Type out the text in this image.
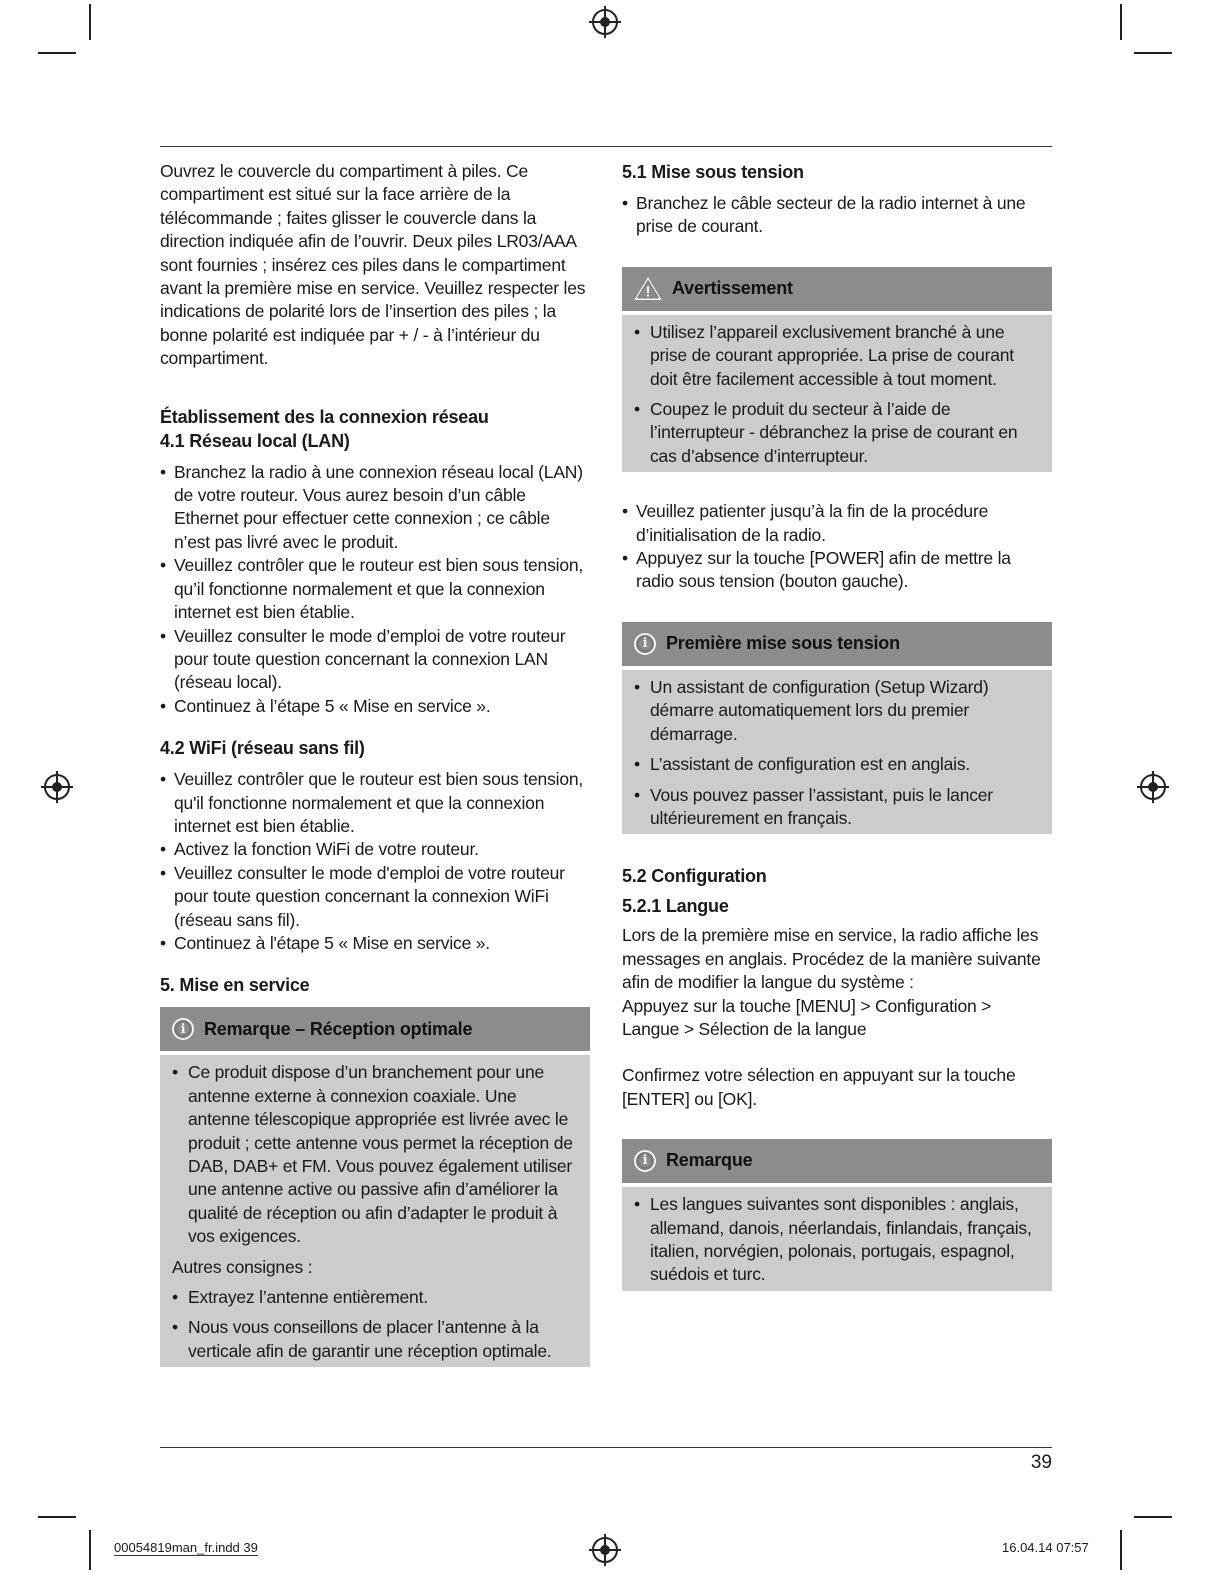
Ouvrez le couvercle du compartiment à piles. Ce compartiment est situé sur la face arrière de la télécommande ; faites glisser le couvercle dans la direction indiquée afin de l’ouvrir. Deux piles LR03/AAA sont fournies ; insérez ces piles dans le compartiment avant la première mise en service. Veuillez respecter les indications de polarité lors de l’insertion des piles ; la bonne polarité est indiquée par + / - à l’intérieur du compartiment.

Établissement des la connexion réseau
4.1 Réseau local (LAN)
• Branchez la radio à une connexion réseau local (LAN) de votre routeur. Vous aurez besoin d’un câble Ethernet pour effectuer cette connexion ; ce câble n’est pas livré avec le produit.
• Veuillez contrôler que le routeur est bien sous tension, qu’il fonctionne normalement et que la connexion internet est bien établie.
• Veuillez consulter le mode d’emploi de votre routeur pour toute question concernant la connexion LAN (réseau local).
• Continuez à l’étape 5 « Mise en service ».
4.2 WiFi (réseau sans fil)
• Veuillez contrôler que le routeur est bien sous tension, qu'il fonctionne normalement et que la connexion internet est bien établie.
• Activez la fonction WiFi de votre routeur.
• Veuillez consulter le mode d'emploi de votre routeur pour toute question concernant la connexion WiFi (réseau sans fil).
• Continuez à l'étape 5 « Mise en service ».
5. Mise en service
i	Remarque – Réception optimale
• Ce produit dispose d’un branchement pour une antenne externe à connexion coaxiale. Une antenne télescopique appropriée est livrée avec le produit ; cette antenne vous permet la réception de DAB, DAB+ et FM. Vous pouvez également utiliser une antenne active ou passive afin d’améliorer la qualité de réception ou afin d’adapter le produit à vos exigences.

Autres consignes :

• Extrayez l’antenne entièrement.
• Nous vous conseillons de placer l’antenne à la verticale afin de garantir une réception optimale.
5.1 Mise sous tension
• Branchez le câble secteur de la radio internet à une prise de courant.
Avertissement
• Utilisez l’appareil exclusivement branché à une prise de courant appropriée. La prise de courant doit être facilement accessible à tout moment.
• Coupez le produit du secteur à l’aide de l’interrupteur - débranchez la prise de courant en cas d’absence d’interrupteur.
• Veuillez patienter jusqu’à la fin de la procédure d’initialisation de la radio.
• Appuyez sur la touche [POWER] afin de mettre la radio sous tension (bouton gauche).
i	Première mise sous tension
• Un assistant de configuration (Setup Wizard) démarre automatiquement lors du premier démarrage.
• L’assistant de configuration est en anglais.
• Vous pouvez passer l’assistant, puis le lancer ultérieurement en français.
5.2 Configuration
5.2.1 Langue

Lors de la première mise en service, la radio affiche les messages en anglais. Procédez de la manière suivante afin de modifier la langue du système :

Appuyez sur la touche [MENU] > Configuration > Langue > Sélection de la langue

Confirmez votre sélection en appuyant sur la touche [ENTER] ou [OK].

i	Remarque
• Les langues suivantes sont disponibles : anglais, allemand, danois, néerlandais, finlandais, français, italien, norvégien, polonais, portugais, espagnol, suédois et turc.
39
00054819man_fr.indd 39	16.04.14 07:57
